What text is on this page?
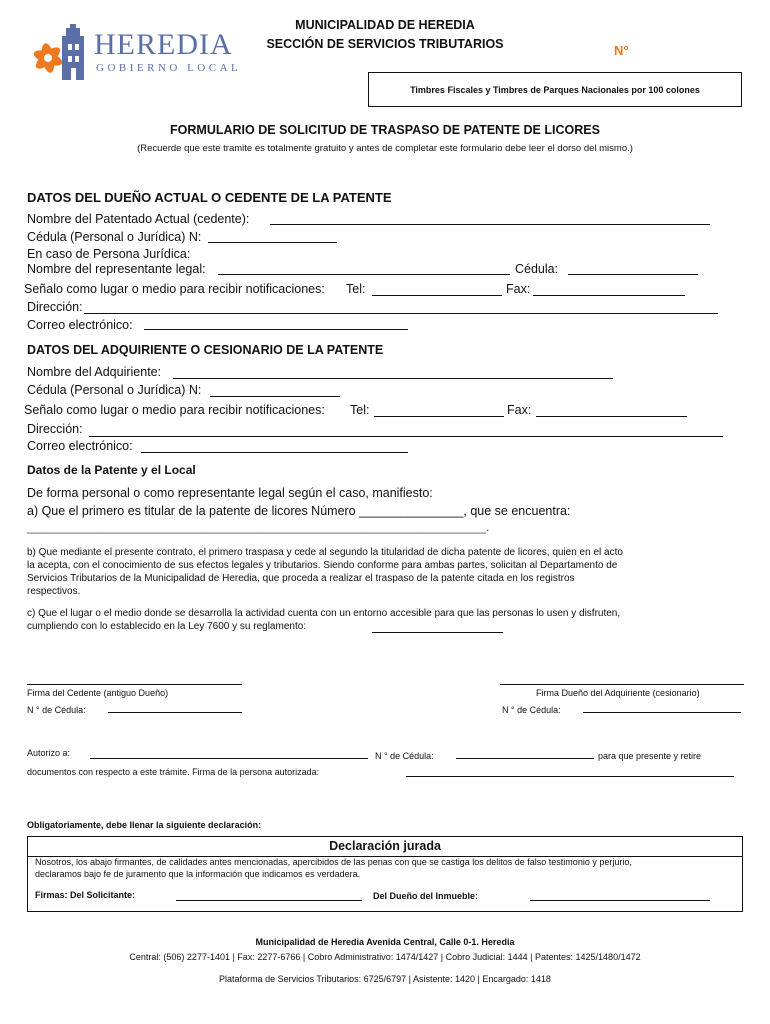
HEREDIA
GOBIERNO LOCAL
MUNICIPALIDAD DE HEREDIA
SECCIÓN DE SERVICIOS TRIBUTARIOS	N°
Timbres Fiscales y Timbres de Parques Nacionales por 100 colones
FORMULARIO DE SOLICITUD DE TRASPASO DE PATENTE DE LICORES
(Recuerde que este tramite es totalmente gratuito y antes de completar este formulario debe leer el dorso del mismo.)
DATOS DEL DUEÑO ACTUAL O CEDENTE DE LA PATENTE
Nombre del Patentado Actual (cedente):
Cédula (Personal o Jurídica) N:
En caso de Persona Jurídica:
Nombre del representante legal:	Cédula:
Señalo como lugar o medio para recibir notificaciones: Tel:	Fax:
Dirección:
Correo electrónico:
DATOS DEL ADQUIRIENTE O CESIONARIO DE LA PATENTE
Nombre del Adquiriente:
Cédula (Personal o Jurídica) N:
Señalo como lugar o medio para recibir notificaciones: Tel:	Fax:
Dirección:
Correo electrónico:
Datos de la Patente y el Local
De forma personal o como representante legal según el caso, manifiesto:
a) Que el primero es titular de la patente de licores Número _______________, que se encuentra:
__________________________________________________________________.
b) Que mediante el presente contrato, el primero traspasa y cede al segundo la titularidad de dicha patente de licores, quien en el acto
la acepta, con el conocimiento de sus efectos legales y tributarios. Siendo conforme para ambas partes, solicitan al Departamento de
Servicios Tributarios de la Municipalidad de Heredia, que proceda a realizar el traspaso de la patente citada en los registros
respectivos.
c) Que el lugar o el medio donde se desarrolla la actividad cuenta con un entorno accesible para que las personas lo usen y disfruten,
cumpliendo con lo establecido en la Ley 7600 y su reglamento:
Firma del Cedente (antiguo Dueño)
N ° de Cédula:
Firma Dueño del Adquiriente (cesionario)
N ° de Cédula:
Autorizo a:	N ° de Cédula:	para que presente y retire
documentos con respecto a este trámite. Firma de la persona autorizada:
Obligatoriamente, debe llenar la siguiente declaración:
Declaración jurada
Nosotros, los abajo firmantes, de calidades antes mencionadas, apercibidos de las penas con que se castiga los delitos de falso testimonio y perjurio,
declaramos bajo fe de juramento que la información que indicamos es verdadera.
Firmas: Del Solicitante:	Del Dueño del Inmueble:
Municipalidad de Heredia Avenida Central, Calle 0-1. Heredia
Central: (506) 2277-1401 | Fax: 2277-6766 | Cobro Administrativo: 1474/1427 | Cobro Judicial: 1444 | Patentes: 1425/1480/1472
Plataforma de Servicios Tributarios: 6725/6797 | Asistente: 1420 | Encargado: 1418
